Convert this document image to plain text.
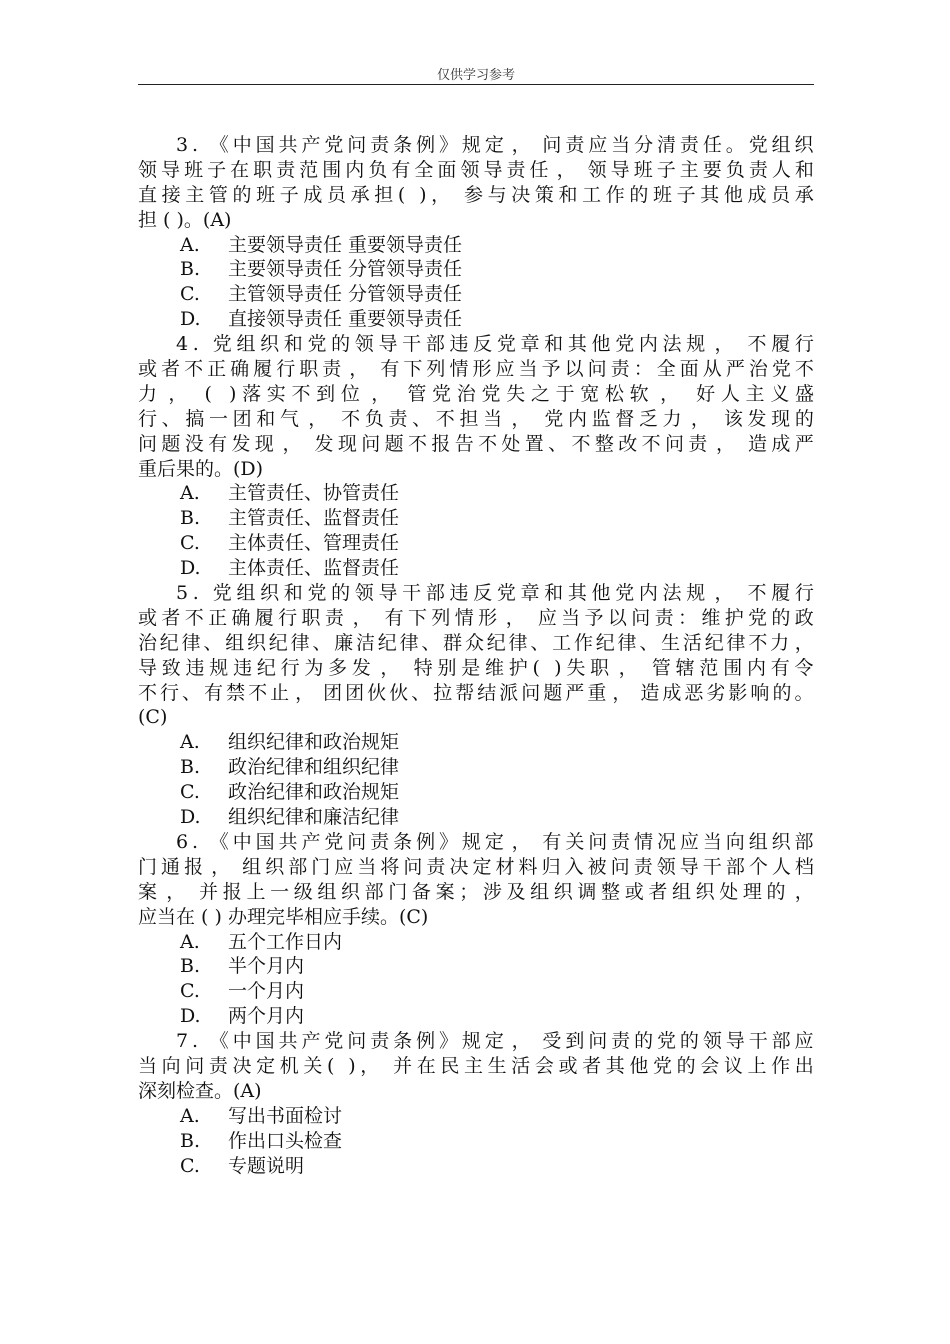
仅供学习参考
3 . 《 中 国 共 产 党 问 责 条 例 》 规 定 ， 问 责 应 当 分 清 责 任 。 党 组 织
领 导 班 子 在 职 责 范 围 内 负 有 全 面 领 导 责 任 ， 领 导 班 子 主 要 负 责 人 和
直 接 主 管 的 班 子 成 员 承 担 ( ) ， 参 与 决 策 和 工 作 的 班 子 其 他 成 员 承
担 ( )。(A)
A.	主要领导责任 重要领导责任
B.	主要领导责任 分管领导责任
C.	主管领导责任 分管领导责任
D.	直接领导责任 重要领导责任
4 . 党 组 织 和 党 的 领 导 干 部 违 反 党 章 和 其 他 党 内 法 规 ， 不 履 行
或 者 不 正 确 履 行 职 责 ， 有 下 列 情 形 应 当 予 以 问 责 ： 全 面 从 严 治 党 不
力 ， ( ) 落 实 不 到 位 ， 管 党 治 党 失 之 于 宽 松 软 ， 好 人 主 义 盛
行 、 搞 一 团 和 气 ， 不 负 责 、 不 担 当 ， 党 内 监 督 乏 力 ， 该 发 现 的
问 题 没 有 发 现 ， 发 现 问 题 不 报 告 不 处 置 、 不 整 改 不 问 责 ， 造 成 严
重后果的。(D)
A.	主管责任、协管责任
B.	主管责任、监督责任
C.	主体责任、管理责任
D.	主体责任、监督责任
5 . 党 组 织 和 党 的 领 导 干 部 违 反 党 章 和 其 他 党 内 法 规 ， 不 履 行
或 者 不 正 确 履 行 职 责 ， 有 下 列 情 形 ， 应 当 予 以 问 责 ： 维 护 党 的 政
治 纪 律 、 组 织 纪 律 、 廉 洁 纪 律 、 群 众 纪 律 、 工 作 纪 律 、 生 活 纪 律 不 力 ，
导 致 违 规 违 纪 行 为 多 发 ， 特 别 是 维 护 ( ) 失 职 ， 管 辖 范 围 内 有 令
不 行 、 有 禁 不 止 ， 团 团 伙 伙 、 拉 帮 结 派 问 题 严 重 ， 造 成 恶 劣 影 响 的 。
(C)
A.	组织纪律和政治规矩
B.	政治纪律和组织纪律
C.	政治纪律和政治规矩
D.	组织纪律和廉洁纪律
6 . 《 中 国 共 产 党 问 责 条 例 》 规 定 ， 有 关 问 责 情 况 应 当 向 组 织 部
门 通 报 ， 组 织 部 门 应 当 将 问 责 决 定 材 料 归 入 被 问 责 领 导 干 部 个 人 档
案 ， 并 报 上 一 级 组 织 部 门 备 案 ； 涉 及 组 织 调 整 或 者 组 织 处 理 的 ，
应当在 ( ) 办理完毕相应手续。(C)
A.	五个工作日内
B.	半个月内
C.	一个月内
D.	两个月内
7 . 《 中 国 共 产 党 问 责 条 例 》 规 定 ， 受 到 问 责 的 党 的 领 导 干 部 应
当 向 问 责 决 定 机 关 ( ) ， 并 在 民 主 生 活 会 或 者 其 他 党 的 会 议 上 作 出
深刻检查。(A)
A.	写出书面检讨
B.	作出口头检查
C.	专题说明
